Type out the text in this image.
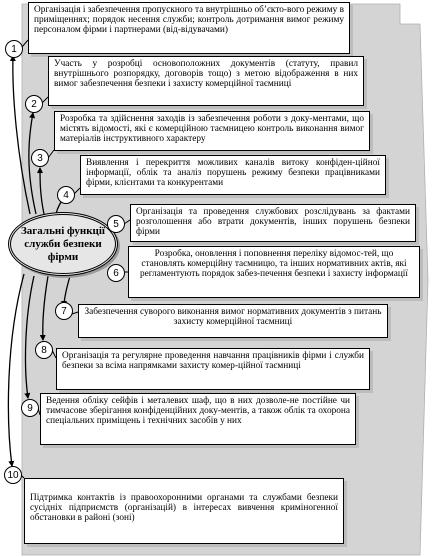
Організація і забезпечення пропускного та внутрішньо об’єкто-вого режиму в приміщеннях; порядок несення служби; контроль дотримання вимог режиму персоналом фірми і партнерами (від-відувачами)
Участь у розробці основоположних документів (статуту, правил внутрішнього розпорядку, договорів тощо) з метою відображення в них вимог забезпечення безпеки і захисту комерційної таємниці
Розробка та здійснення заходів із забезпечення роботи з доку-ментами, що містять відомості, які є комерційною таємницею контроль виконання вимог матеріалів інструктивного характеру
Виявлення і перекриття можливих каналів витоку конфіден-ційної інформації, облік та аналіз порушень режиму безпеки працівниками фірми, клієнтами та конкурентами
Організація та проведення службових розслідувань за фактами розголошення або втрати документів, інших порушень безпеки фірми
Розробка, оновлення і поповнення переліку відомос-тей, що становлять комерційну таємницю, та інших нормативних актів, які регламентують порядок забез-печення безпеки і захисту інформації
Забезпечення суворого виконання вимог нормативних документів з питань захисту комерційної таємниці
Організація та регулярне проведення навчання працівників фірми і служби безпеки за всіма напрямками захисту комер-ційної таємниці
Ведення обліку сейфів і металевих шаф, що в них дозволе-не постійне чи тимчасове зберігання конфіденційних доку-ментів, а також облік та охорона спеціальних приміщень і технічних засобів у них
Підтримка контактів із правоохоронними органами та службами безпеки сусідніх підприємств (організацій) в інтересах вивчення криміногенної обстановки в районі (зоні)
Загальні функції служби безпеки фірми
1
2
3
4
5
6
7
8
9
10
